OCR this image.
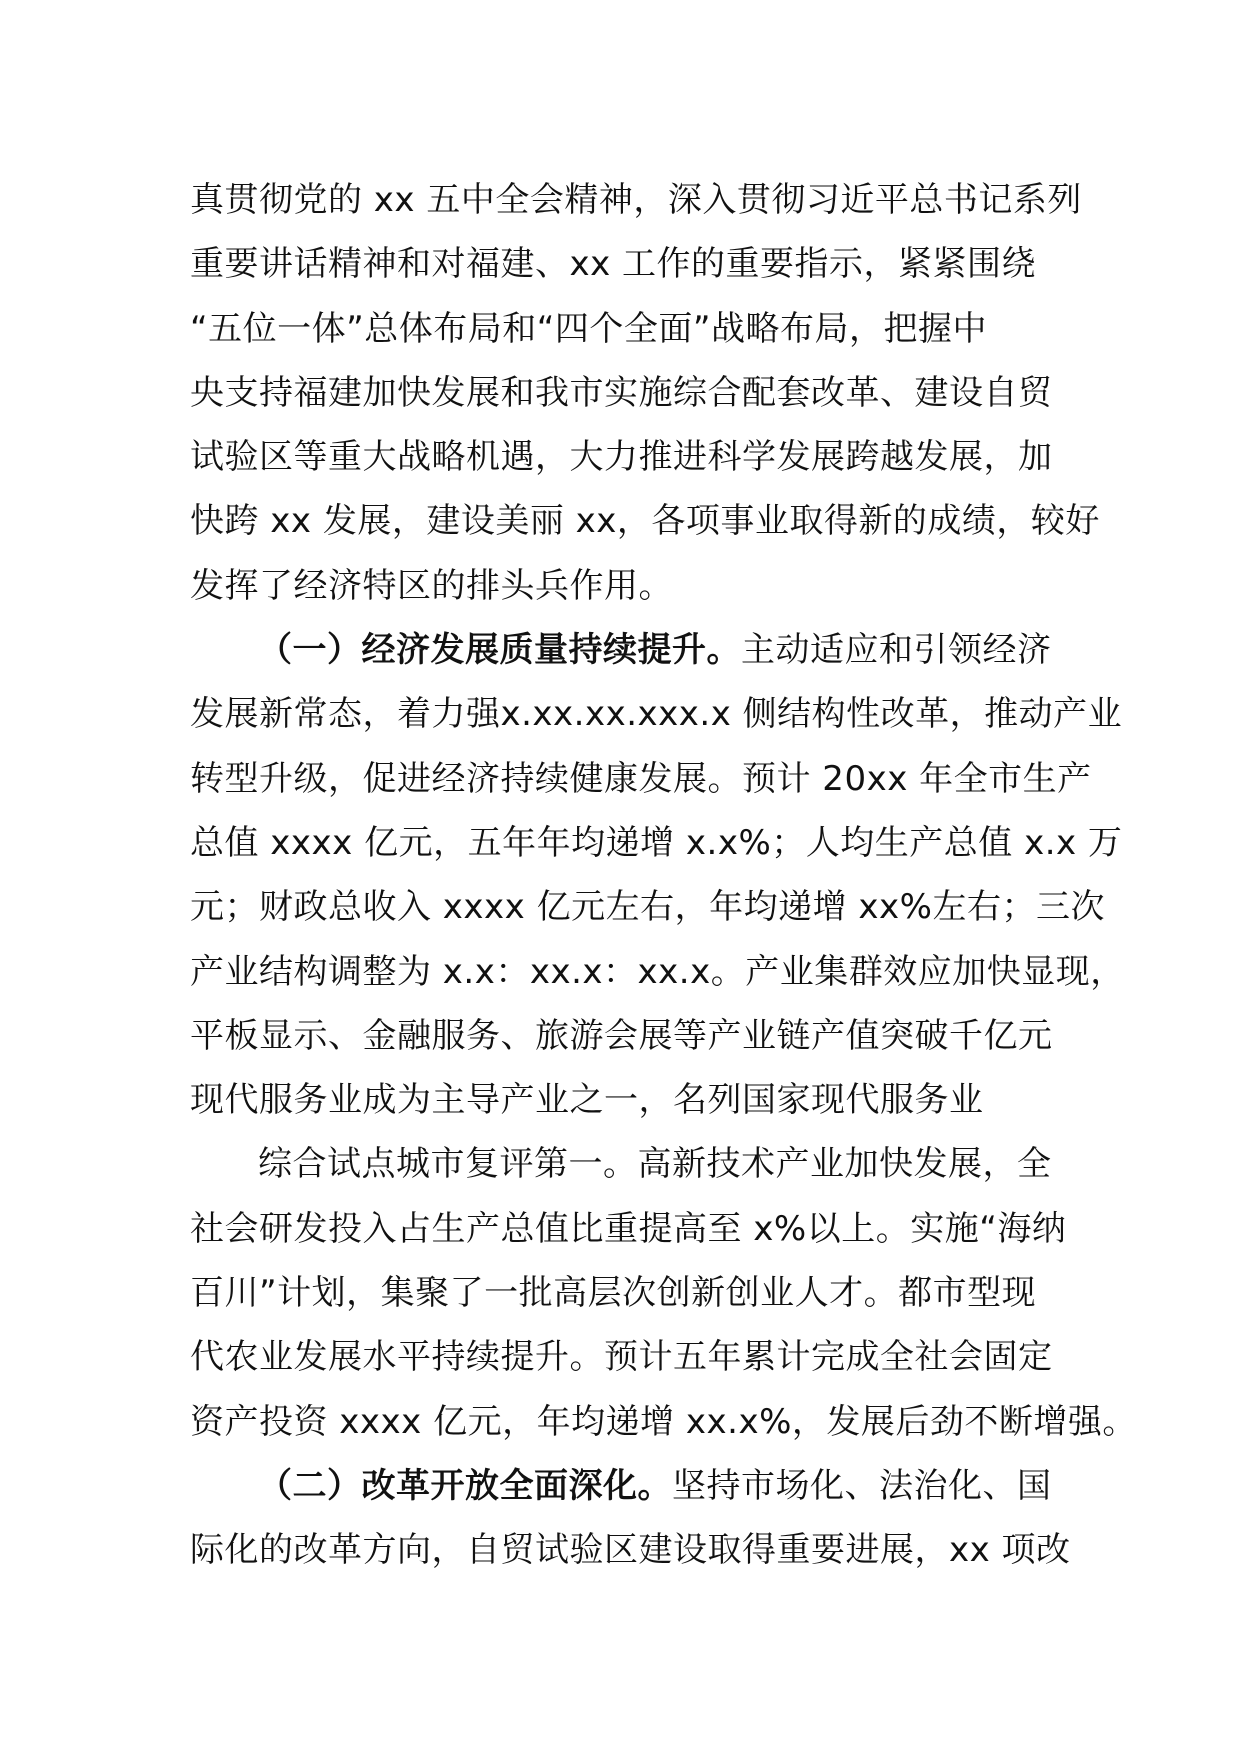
真贯彻党的 xx 五中全会精神，深入贯彻习近平总书记系列
重要讲话精神和对福建、xx 工作的重要指示，紧紧围绕
“五位一体”总体布局和“四个全面”战略布局，把握中
央支持福建加快发展和我市实施综合配套改革、建设自贸
试验区等重大战略机遇，大力推进科学发展跨越发展，加
快跨 xx 发展，建设美丽 xx，各项事业取得新的成绩，较好
发挥了经济特区的排头兵作用。
（一）经济发展质量持续提升。主动适应和引领经济
发展新常态，着力强x.xx.xx.xxx.x 侧结构性改革，推动产业
转型升级，促进经济持续健康发展。预计 20xx 年全市生产
总值 xxxx 亿元，五年年均递增 x.x%；人均生产总值 x.x 万
元；财政总收入 xxxx 亿元左右，年均递增 xx%左右；三次
产业结构调整为 x.x：xx.x：xx.x。产业集群效应加快显现，
平板显示、金融服务、旅游会展等产业链产值突破千亿元
现代服务业成为主导产业之一，名列国家现代服务业
综合试点城市复评第一。高新技术产业加快发展，全
社会研发投入占生产总值比重提高至 x%以上。实施“海纳
百川”计划，集聚了一批高层次创新创业人才。都市型现
代农业发展水平持续提升。预计五年累计完成全社会固定
资产投资 xxxx 亿元，年均递增 xx.x%，发展后劲不断增强。
（二）改革开放全面深化。坚持市场化、法治化、国
际化的改革方向，自贸试验区建设取得重要进展，xx 项改
